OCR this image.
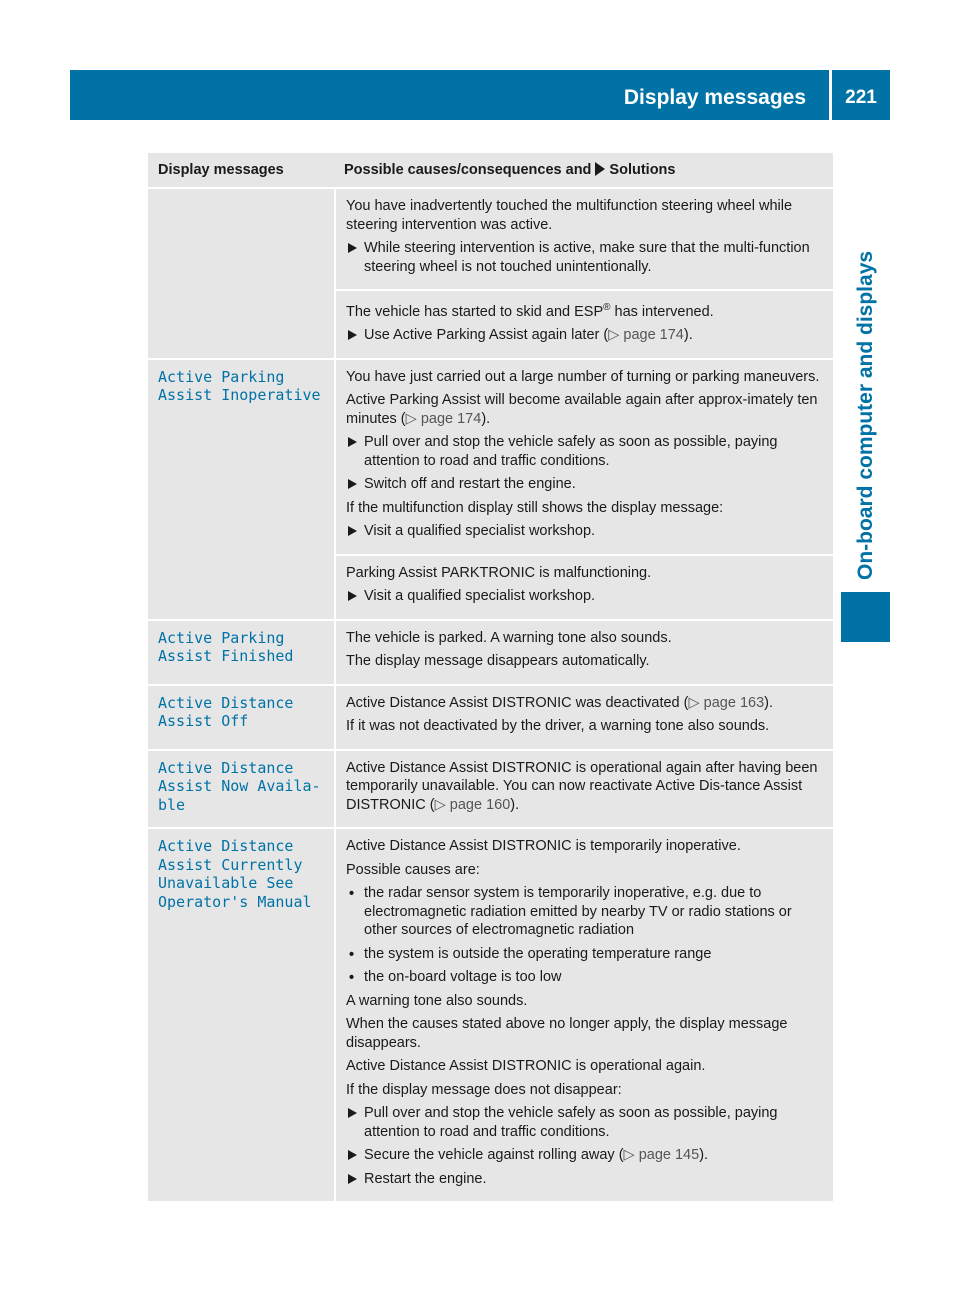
Display messages	221
On-board computer and displays
Display messages	Possible causes/consequences and Solutions

You have inadvertently touched the multifunction steering wheel while steering intervention was active.

While steering intervention is active, make sure that the multi-function steering wheel is not touched unintentionally.

The vehicle has started to skid and ESP® has intervened.

Use Active Parking Assist again later (▷ page 174).
Active Parking
Assist Inoperative

You have just carried out a large number of turning or parking maneuvers.

Active Parking Assist will become available again after approx-imately ten minutes (▷ page 174).

Pull over and stop the vehicle safely as soon as possible, paying attention to road and traffic conditions.
Switch off and restart the engine.

If the multifunction display still shows the display message:

Visit a qualified specialist workshop.

Parking Assist PARKTRONIC is malfunctioning.

Visit a qualified specialist workshop.
Active Parking
Assist Finished

The vehicle is parked. A warning tone also sounds.

The display message disappears automatically.

Active Distance
Assist Off

Active Distance Assist DISTRONIC was deactivated (▷ page 163).

If it was not deactivated by the driver, a warning tone also sounds.

Active Distance
Assist Now Availa-
ble

Active Distance Assist DISTRONIC is operational again after having been temporarily unavailable. You can now reactivate Active Dis-tance Assist DISTRONIC (▷ page 160).

Active Distance
Assist Currently
Unavailable See
Operator's Manual

Active Distance Assist DISTRONIC is temporarily inoperative.

Possible causes are:

• the radar sensor system is temporarily inoperative, e.g. due to electromagnetic radiation emitted by nearby TV or radio stations or other sources of electromagnetic radiation
• the system is outside the operating temperature range
• the on-board voltage is too low

A warning tone also sounds.

When the causes stated above no longer apply, the display message disappears.

Active Distance Assist DISTRONIC is operational again.

If the display message does not disappear:

Pull over and stop the vehicle safely as soon as possible, paying attention to road and traffic conditions.
Secure the vehicle against rolling away (▷ page 145).
Restart the engine.
